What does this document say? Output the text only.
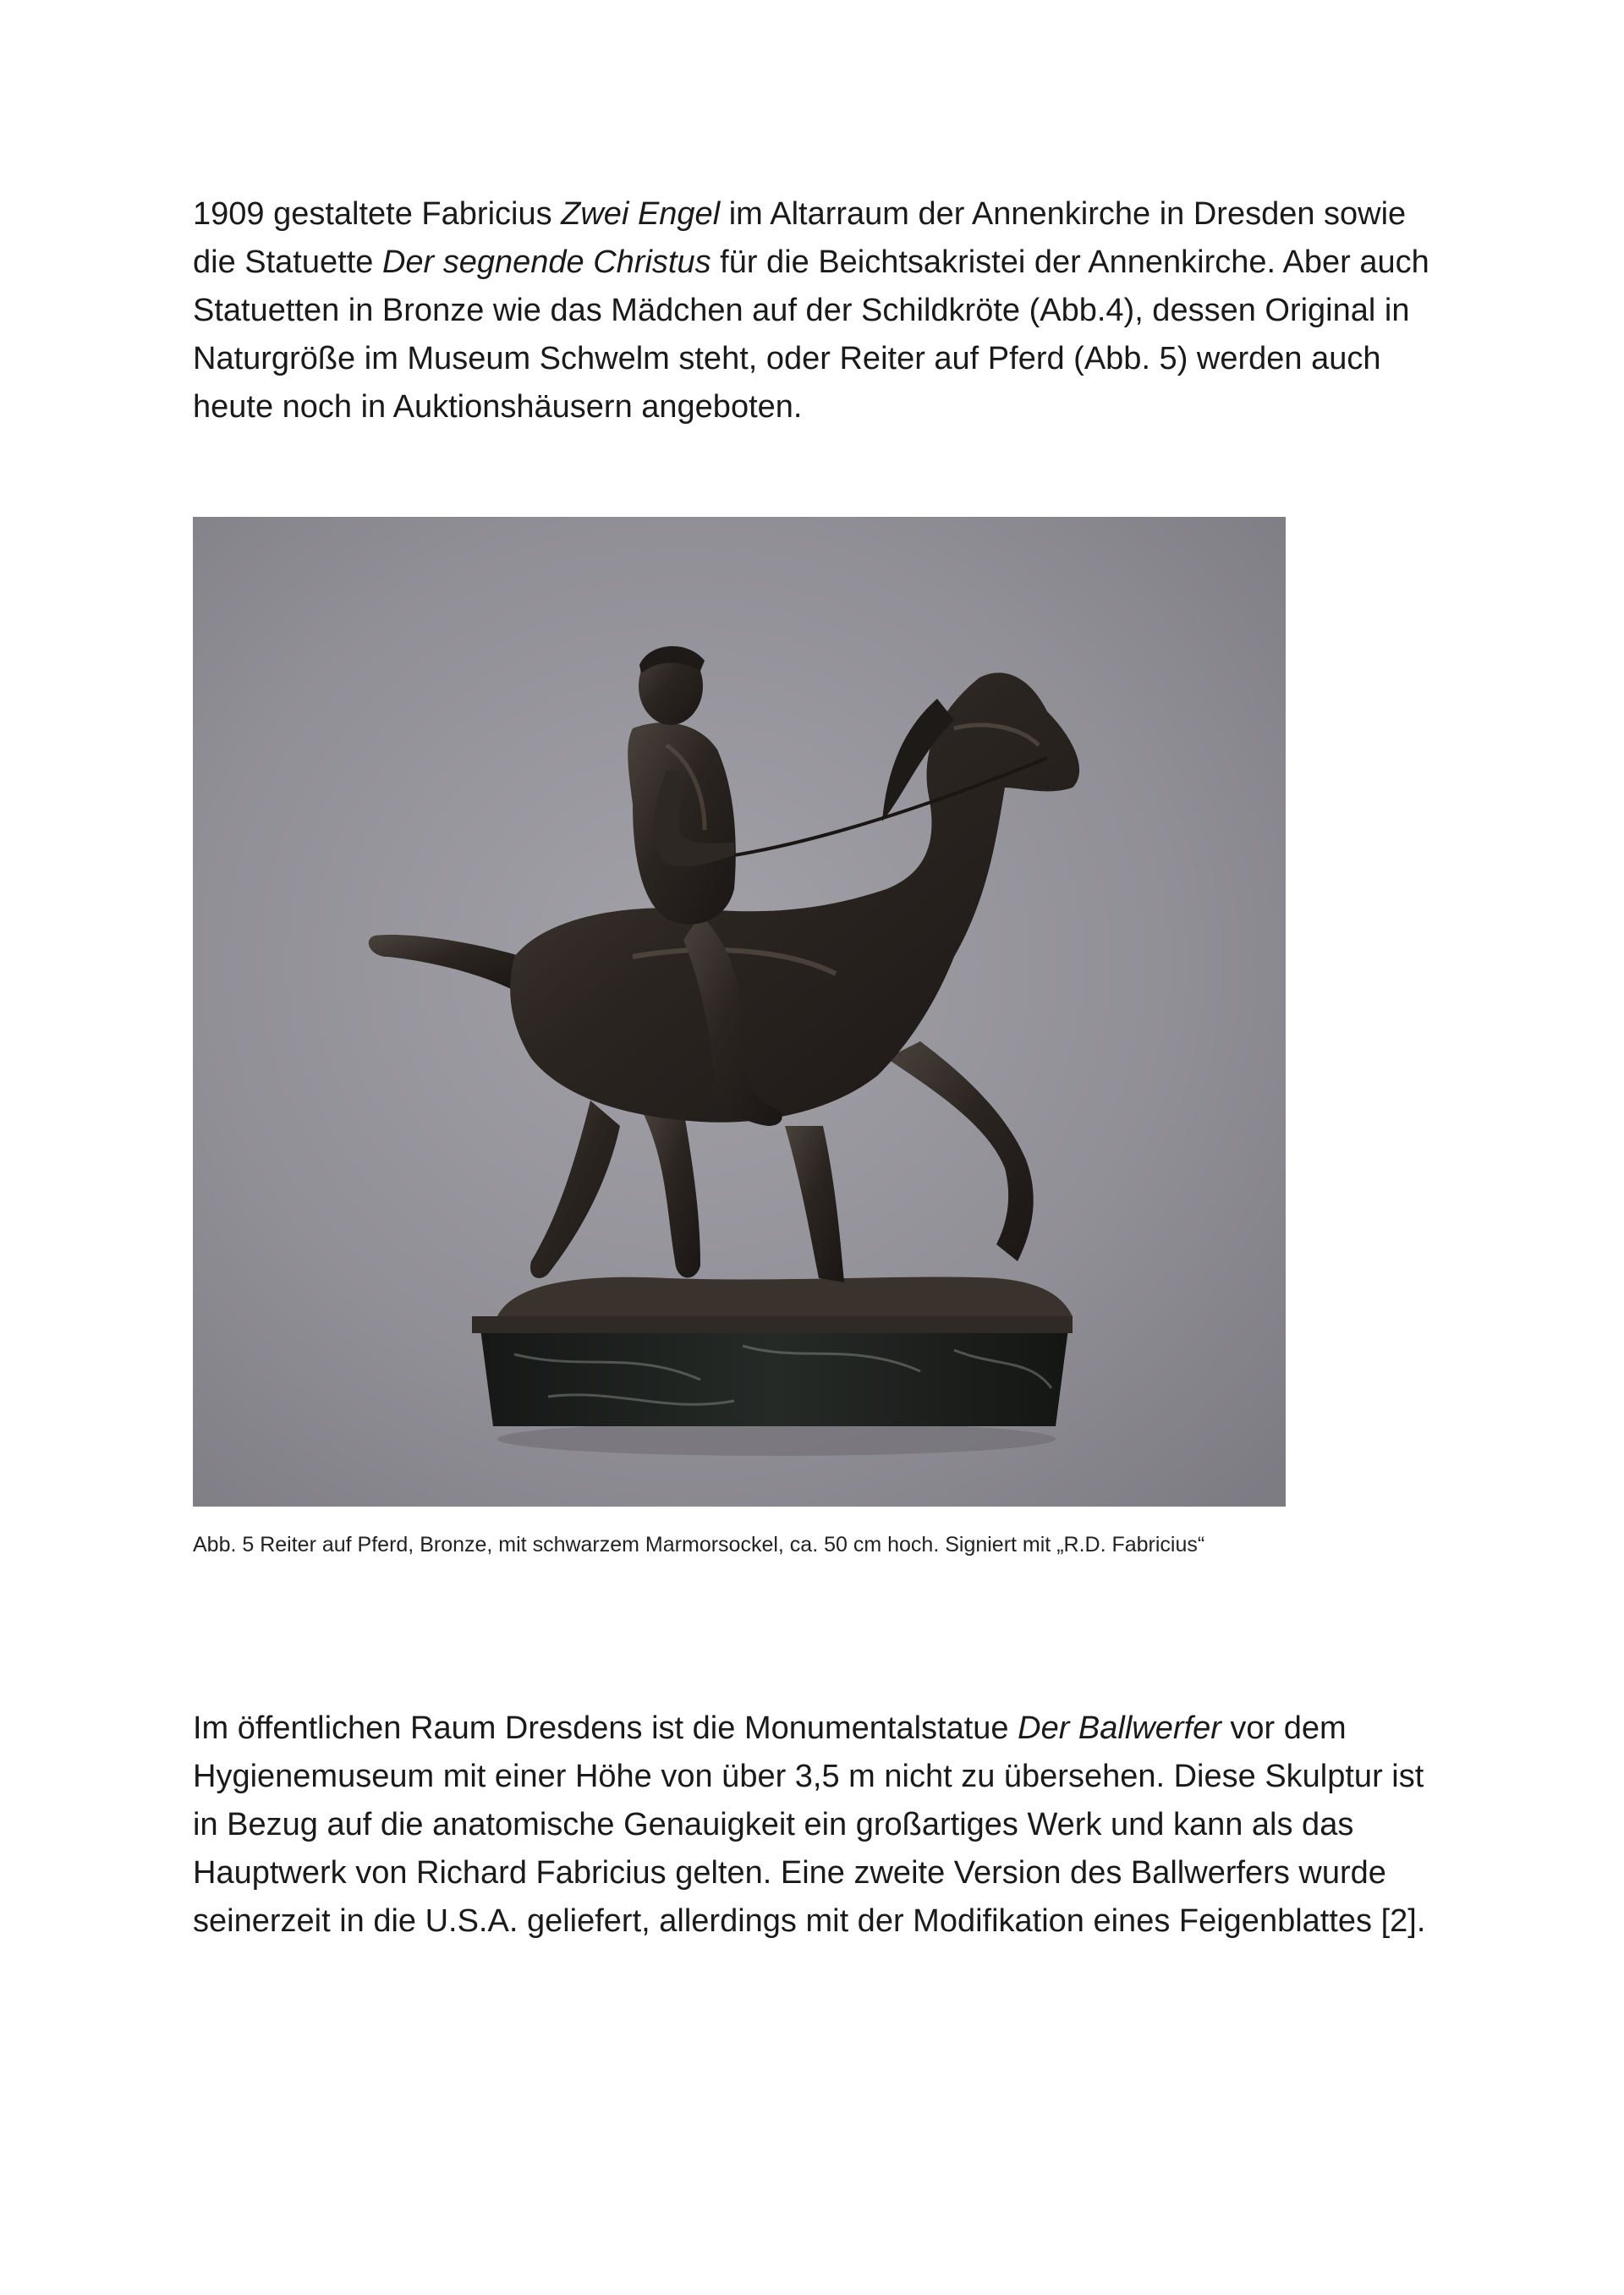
1909 gestaltete Fabricius Zwei Engel im Altarraum der Annenkirche in Dresden sowie die Statuette Der segnende Christus für die Beichtsakristei der Annenkirche. Aber auch Statuetten in Bronze wie das Mädchen auf der Schildkröte (Abb.4), dessen Original in Naturgröße im Museum Schwelm steht, oder Reiter auf Pferd (Abb. 5) werden auch heute noch in Auktionshäusern angeboten.

Abb. 5 Reiter auf Pferd, Bronze, mit schwarzem Marmorsockel, ca. 50 cm hoch. Signiert mit „R.D. Fabricius“

Im öffentlichen Raum Dresdens ist die Monumentalstatue Der Ballwerfer vor dem Hygienemuseum mit einer Höhe von über 3,5 m nicht zu übersehen. Diese Skulptur ist in Bezug auf die anatomische Genauigkeit ein großartiges Werk und kann als das Hauptwerk von Richard Fabricius gelten. Eine zweite Version des Ballwerfers wurde seinerzeit in die U.S.A. geliefert, allerdings mit der Modifikation eines Feigenblattes [2].
